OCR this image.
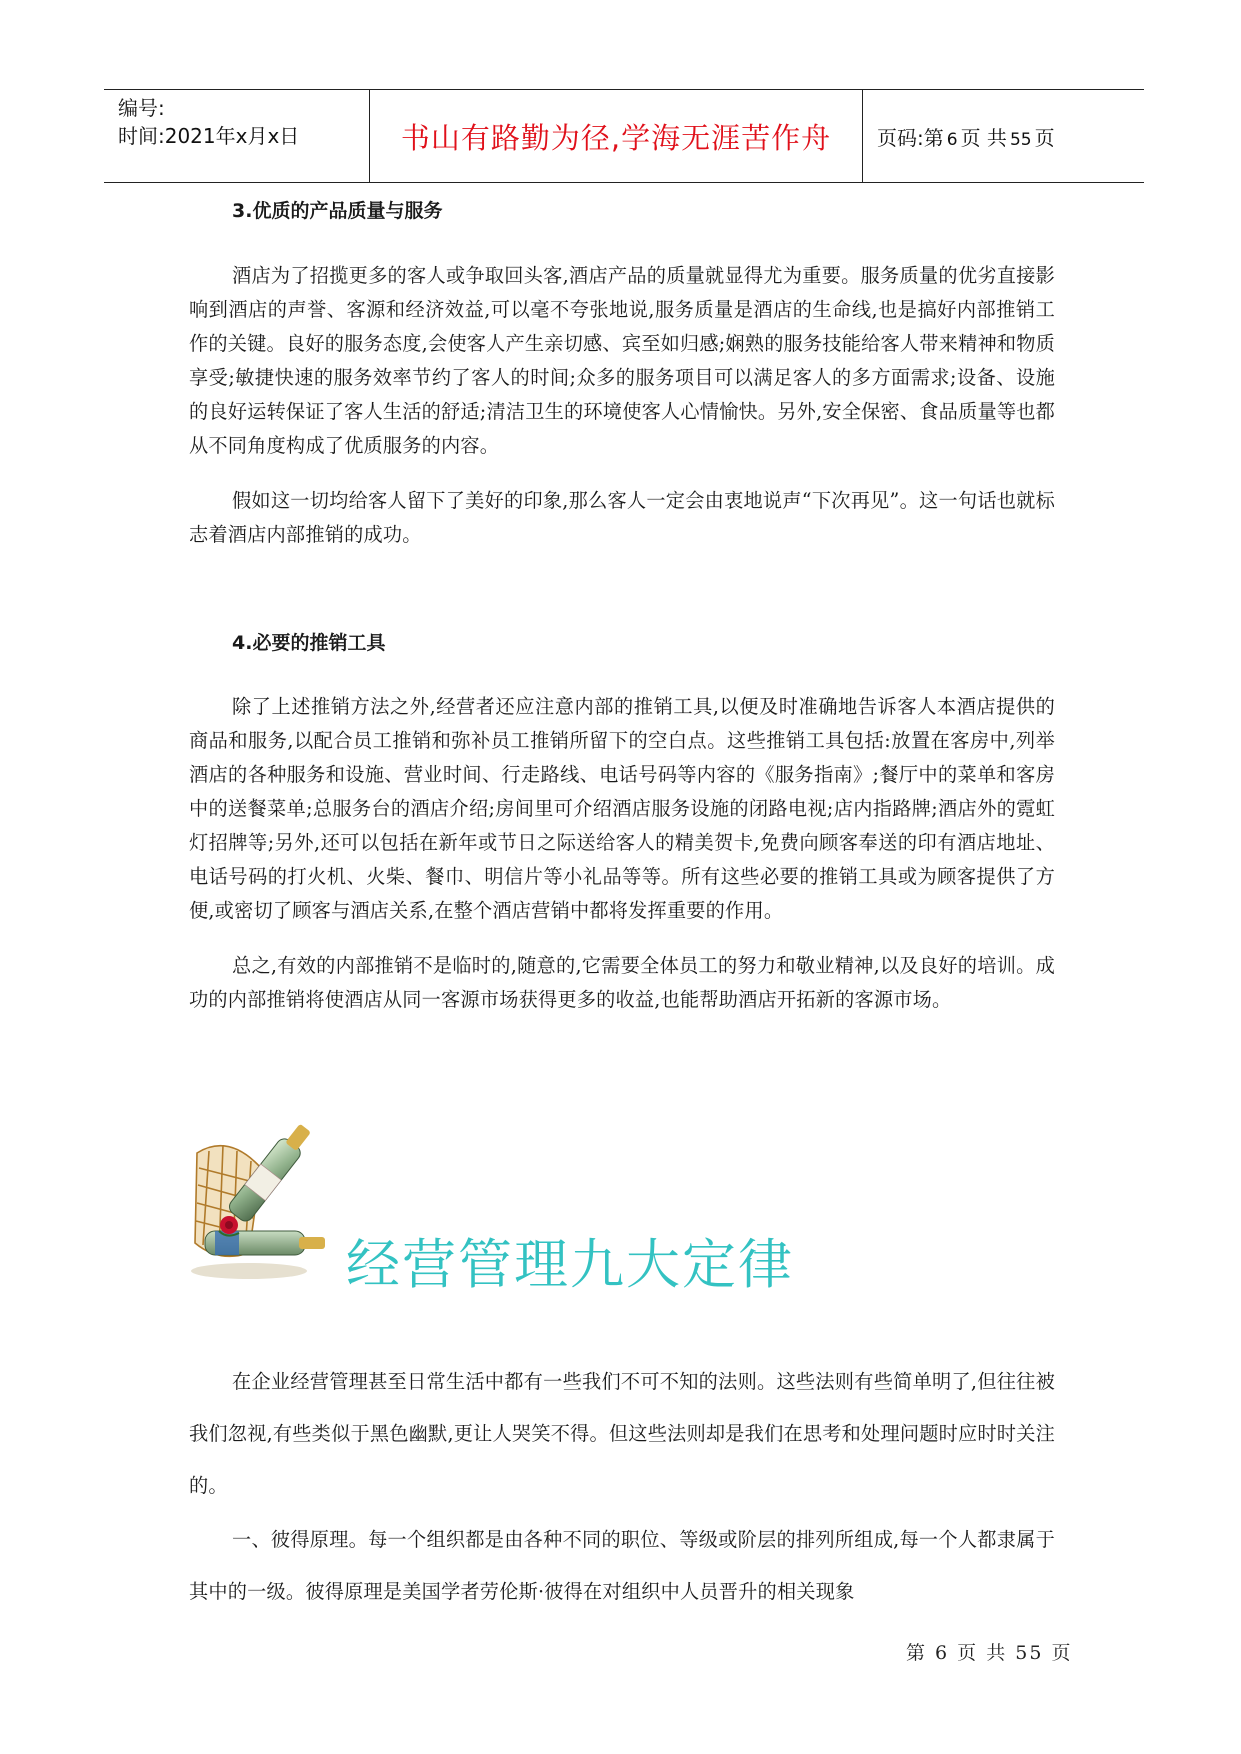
编号:
时间:2021年x月x日	书山有路勤为径,学海无涯苦作舟 页码:第 6 页 共 55 页
3.优质的产品质量与服务

酒店为了招揽更多的客人或争取回头客,酒店产品的质量就显得尤为重要。服务质量的优劣直接影响到酒店的声誉、客源和经济效益,可以毫不夸张地说,服务质量是酒店的生命线,也是搞好内部推销工作的关键。良好的服务态度,会使客人产生亲切感、宾至如归感;娴熟的服务技能给客人带来精神和物质享受;敏捷快速的服务效率节约了客人的时间;众多的服务项目可以满足客人的多方面需求;设备、设施的良好运转保证了客人生活的舒适;清洁卫生的环境使客人心情愉快。另外,安全保密、食品质量等也都从不同角度构成了优质服务的内容。

假如这一切均给客人留下了美好的印象,那么客人一定会由衷地说声“下次再见”。这一句话也就标志着酒店内部推销的成功。

4.必要的推销工具

除了上述推销方法之外,经营者还应注意内部的推销工具,以便及时准确地告诉客人本酒店提供的商品和服务,以配合员工推销和弥补员工推销所留下的空白点。这些推销工具包括:放置在客房中,列举酒店的各种服务和设施、营业时间、行走路线、电话号码等内容的《服务指南》;餐厅中的菜单和客房中的送餐菜单;总服务台的酒店介绍;房间里可介绍酒店服务设施的闭路电视;店内指路牌;酒店外的霓虹灯招牌等;另外,还可以包括在新年或节日之际送给客人的精美贺卡,免费向顾客奉送的印有酒店地址、电话号码的打火机、火柴、餐巾、明信片等小礼品等等。所有这些必要的推销工具或为顾客提供了方便,或密切了顾客与酒店关系,在整个酒店营销中都将发挥重要的作用。

总之,有效的内部推销不是临时的,随意的,它需要全体员工的努力和敬业精神,以及良好的培训。成功的内部推销将使酒店从同一客源市场获得更多的收益,也能帮助酒店开拓新的客源市场。

经营管理九大定律

在企业经营管理甚至日常生活中都有一些我们不可不知的法则。这些法则有些简单明了,但往往被我们忽视,有些类似于黑色幽默,更让人哭笑不得。但这些法则却是我们在思考和处理问题时应时时关注的。

一、彼得原理。每一个组织都是由各种不同的职位、等级或阶层的排列所组成,每一个人都隶属于其中的一级。彼得原理是美国学者劳伦斯·彼得在对组织中人员晋升的相关现象

第 6 页 共 55 页
